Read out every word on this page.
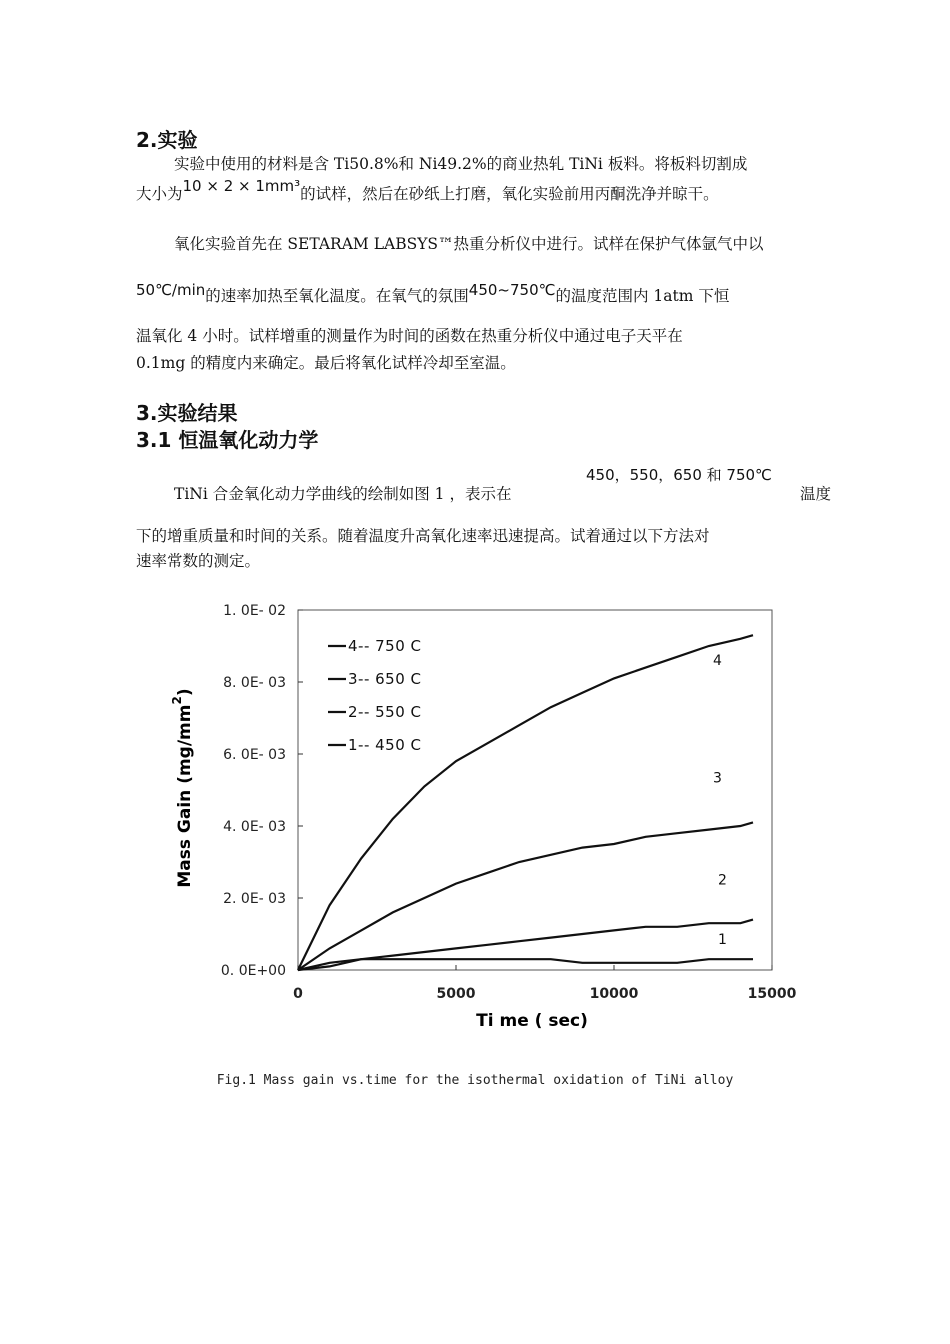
2.实验
实验中使用的材料是含 Ti50.8%和 Ni49.2%的商业热轧 TiNi 板料。将板料切割成
大小为10 × 2 × 1mm³的试样，然后在砂纸上打磨，氧化实验前用丙酮洗净并晾干。
氧化实验首先在 SETARAM LABSYS™热重分析仪中进行。试样在保护气体氩气中以
50℃/min的速率加热至氧化温度。在氧气的氛围450~750℃的温度范围内 1atm 下恒
温氧化 4 小时。试样增重的测量作为时间的函数在热重分析仪中通过电子天平在
0.1mg 的精度内来确定。最后将氧化试样冷却至室温。
3.实验结果
3.1 恒温氧化动力学
TiNi 合金氧化动力学曲线的绘制如图 1 ，表示在
450，550，650 和 750℃
温度
下的增重质量和时间的关系。随着温度升高氧化速率迅速提高。试着通过以下方法对
速率常数的测定。
0. 0E+00
2. 0E- 03
4. 0E- 03
6. 0E- 03
8. 0E- 03
1. 0E- 02
0	5000	10000	15000
4
3
2
1
4-- 750 C
3-- 650 C
2-- 550 C
1-- 450 C
Ti me ( sec)
Mass Gain $(mg/mm^2)$
Fig.1 Mass gain vs.time for the isothermal oxidation of TiNi alloy
